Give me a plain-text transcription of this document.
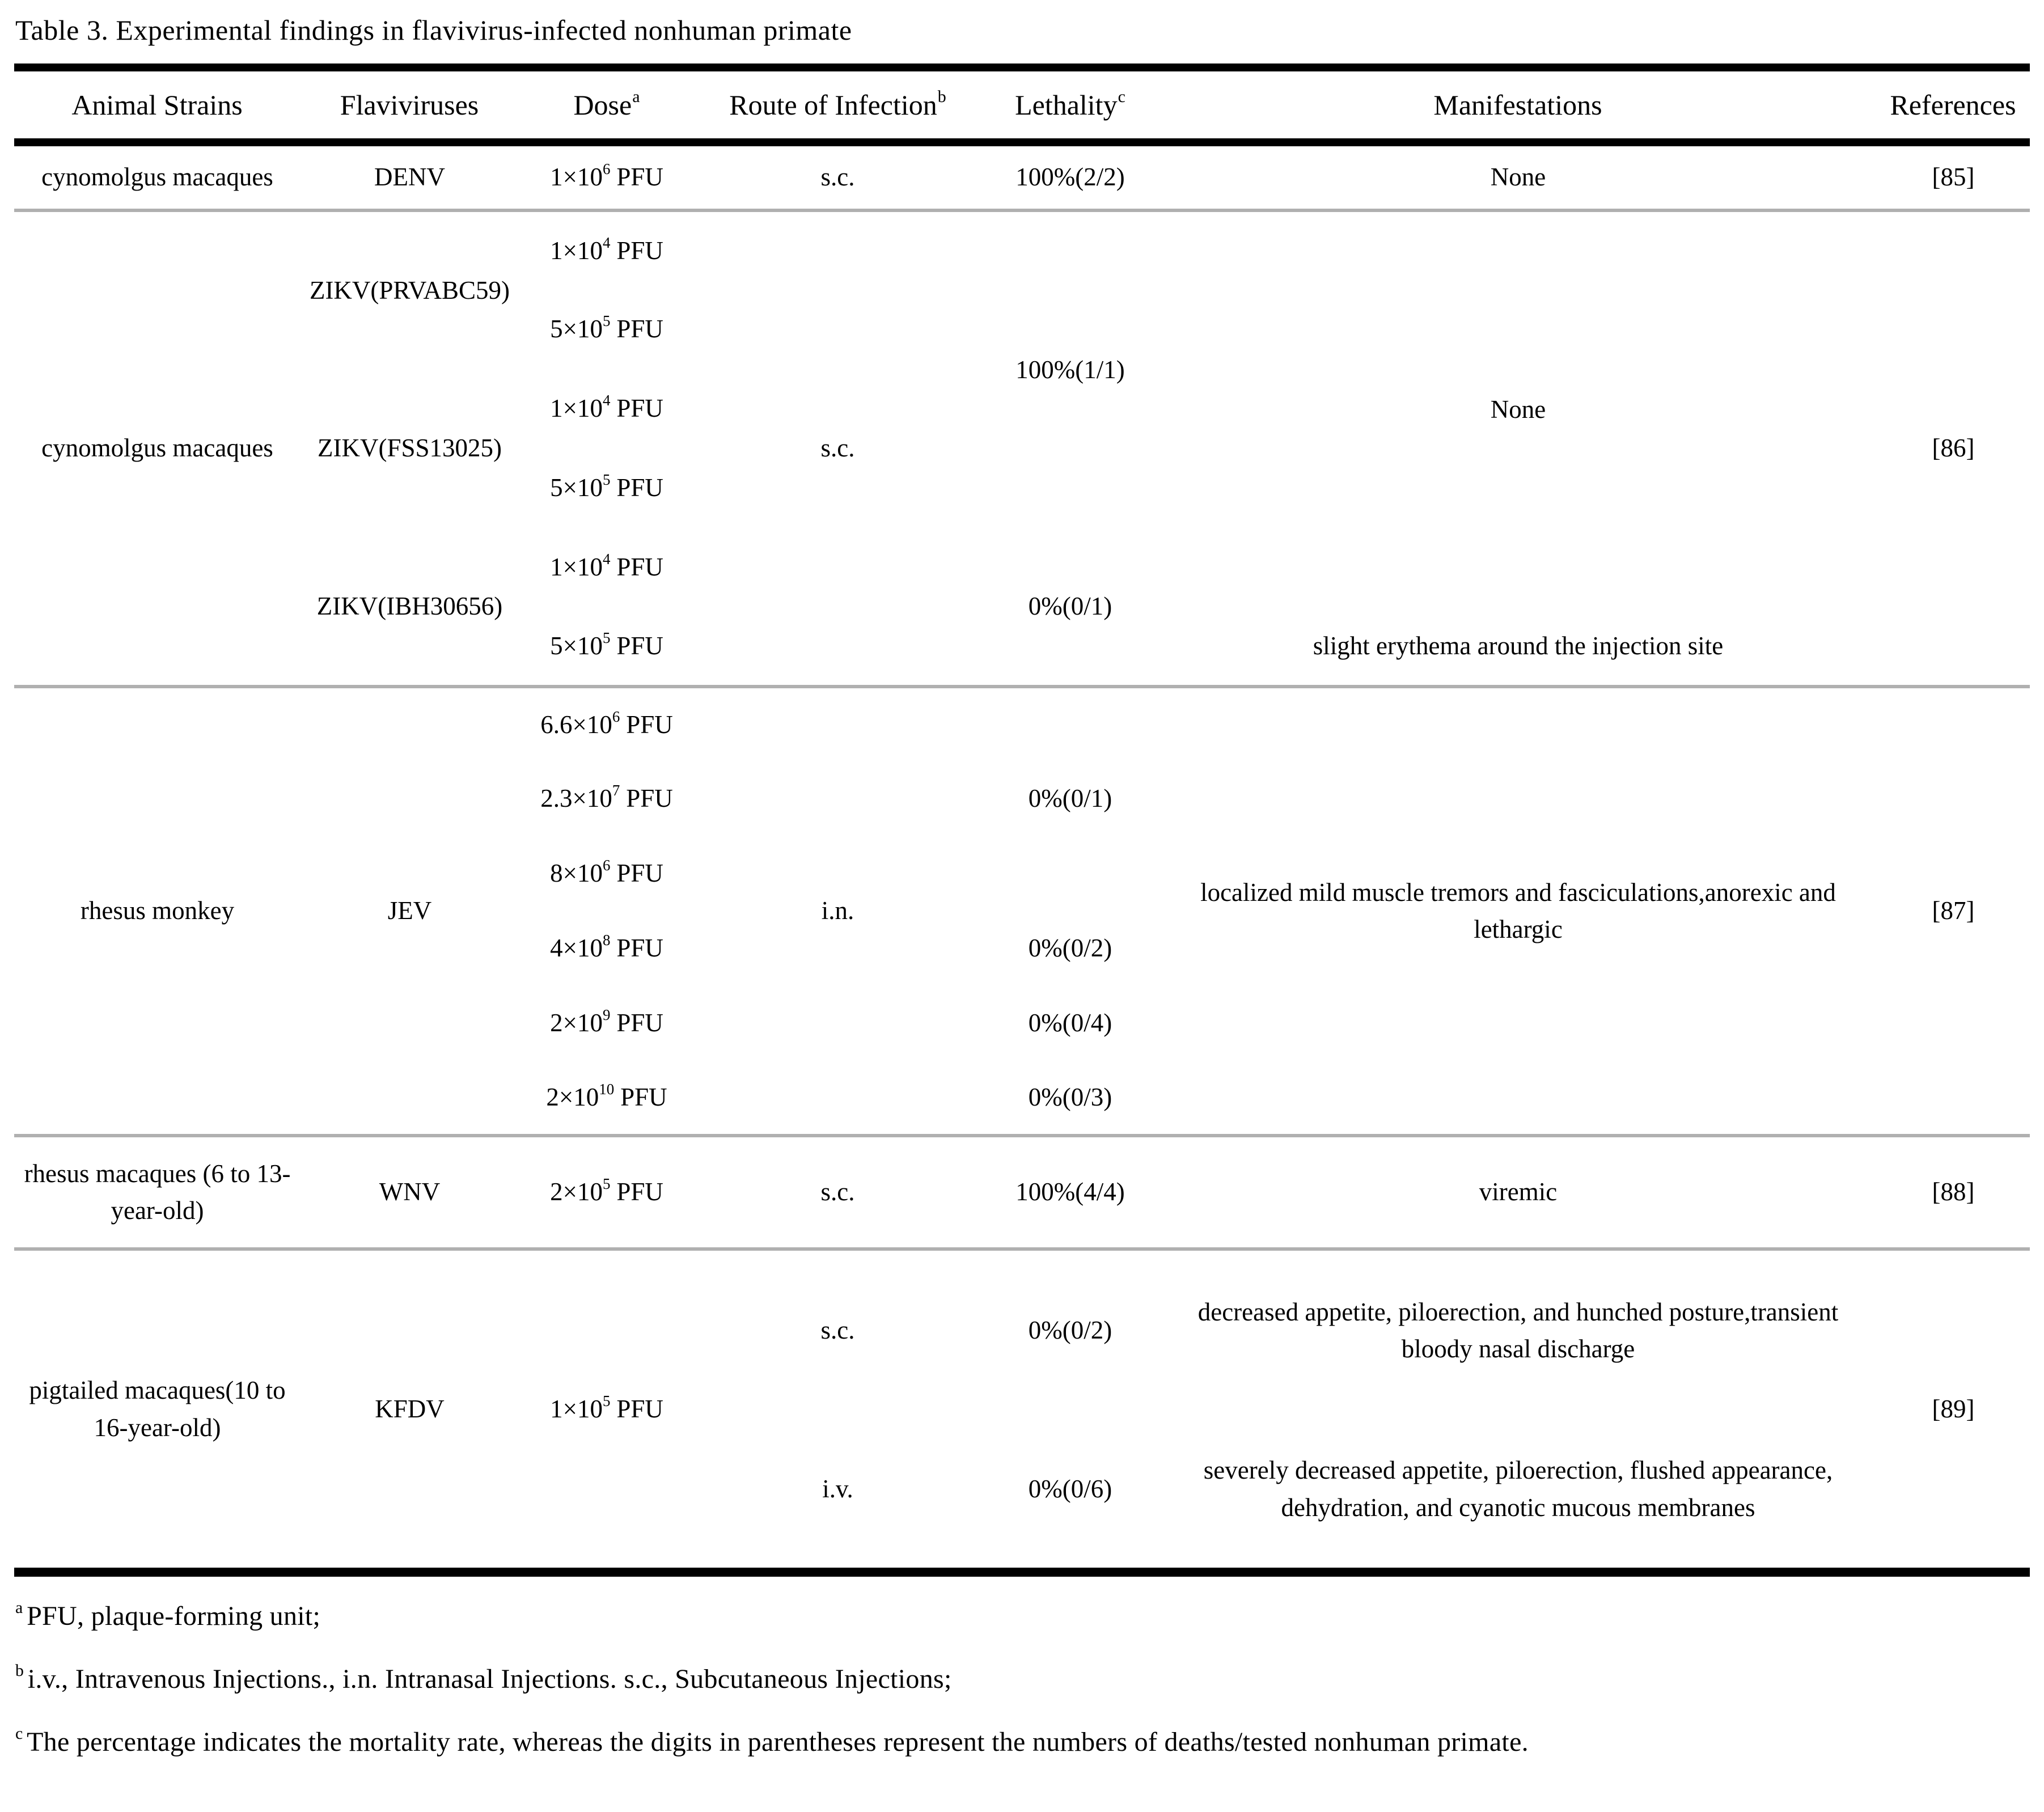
Table 3. Experimental findings in flavivirus-infected nonhuman primate
Animal Strains	Flaviviruses	Dose$^a$	Route of Infection$^b$	Lethality$^c$	Manifestations	References
cynomolgus macaques	DENV	$1\times 10^6$ PFU	s.c.	100%(2/2)	None	[85]
cynomolgus macaques	ZIKV(PRVABC59)	$1\times 10^4$ PFU	s.c.	100%(1/1)	None	[86]
		$5\times 10^5$ PFU				
	ZIKV(FSS13025)	$1\times 10^4$ PFU				
		$5\times 10^5$ PFU				
	ZIKV(IBH30656)	$1\times 10^4$ PFU		0%(0/1)		
		$5\times 10^5$ PFU			slight erythema around the injection site	
rhesus monkey	JEV	$6.6\times 10^6$ PFU	i.n.		localized mild muscle tremors and fasciculations,anorexic and lethargic	[87]
		$2.3\times 10^7$ PFU		0%(0/1)		
		$8\times 10^6$ PFU				
		$4\times 10^8$ PFU		0%(0/2)		
		$2\times 10^9$ PFU		0%(0/4)		
		$2\times 10^{10}$ PFU		0%(0/3)		
rhesus macaques (6 to 13-year-old)	WNV	$2\times 10^5$ PFU	s.c.	100%(4/4)	viremic	[88]
pigtailed macaques(10 to 16-year-old)	KFDV	$1\times 10^5$ PFU	s.c.	0%(0/2)	decreased appetite, piloerection, and hunched posture,transient bloody nasal discharge	[89]
			i.v.	0%(0/6)	severely decreased appetite, piloerection, flushed appearance, dehydration, and cyanotic mucous membranes	
$^a$ PFU, plaque-forming unit;
$^b$ i.v., Intravenous Injections., i.n. Intranasal Injections. s.c., Subcutaneous Injections;
$^c$ The percentage indicates the mortality rate, whereas the digits in parentheses represent the numbers of deaths/tested nonhuman primate.
